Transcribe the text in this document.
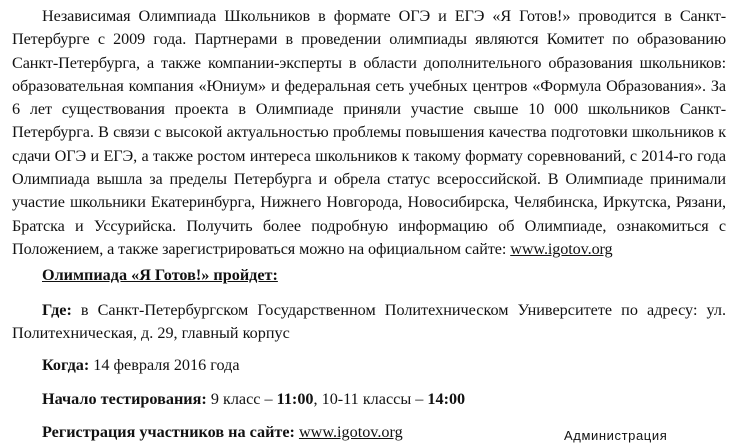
Независимая Олимпиада Школьников в формате ОГЭ и ЕГЭ «Я Готов!» проводится в Санкт-Петербурге с 2009 года. Партнерами в проведении олимпиады являются Комитет по образованию Санкт-Петербурга, а также компании-эксперты в области дополнительного образования школьников: образовательная компания «Юниум» и федеральная сеть учебных центров «Формула Образования». За 6 лет существования проекта в Олимпиаде приняли участие свыше 10 000 школьников Санкт-Петербурга. В связи с высокой актуальностью проблемы повышения качества подготовки школьников к сдачи ОГЭ и ЕГЭ, а также ростом интереса школьников к такому формату соревнований, с 2014-го года Олимпиада вышла за пределы Петербурга и обрела статус всероссийской. В Олимпиаде принимали участие школьники Екатеринбурга, Нижнего Новгорода, Новосибирска, Челябинска, Иркутска, Рязани, Братска и Уссурийска. Получить более подробную информацию об Олимпиаде, ознакомиться с Положением, а также зарегистрироваться можно на официальном сайте: www.igotov.org

Олимпиада «Я Готов!» пройдет:

Где: в Санкт-Петербургском Государственном Политехническом Университете по адресу: ул. Политехническая, д. 29, главный корпус

Когда: 14 февраля 2016 года

Начало тестирования: 9 класс – 11:00, 10-11 классы – 14:00

Регистрация участников на сайте: www.igotov.org	Администрация
